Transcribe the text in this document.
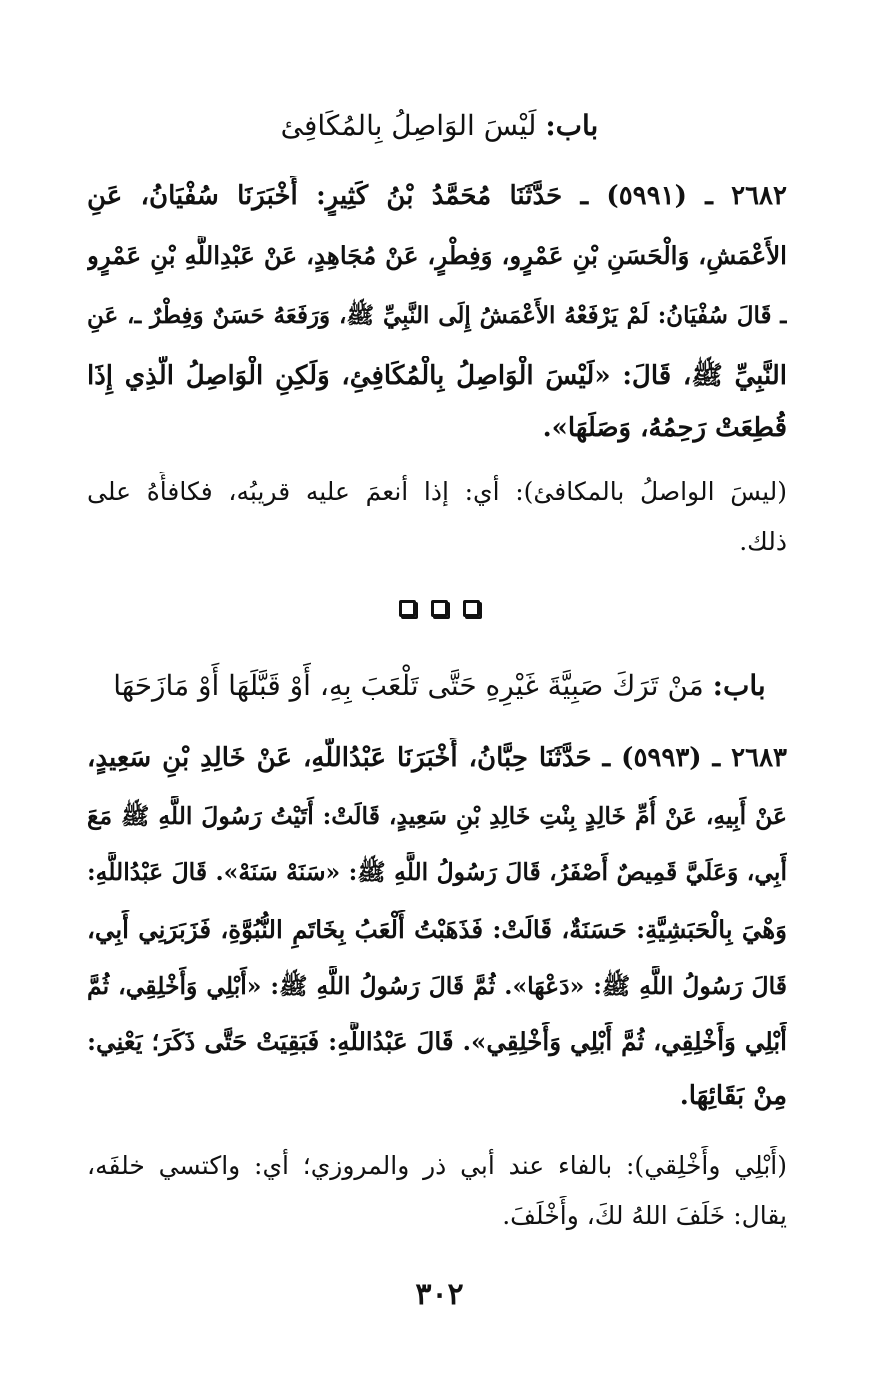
باب: لَيْسَ الوَاصِلُ بِالمُكَافِئ
٢٦٨٢ ـ (٥٩٩١) ـ حَدَّثَنَا مُحَمَّدُ بْنُ كَثِيرٍ: أَخْبَرَنَا سُفْيَانُ، عَنِ
الأَعْمَشِ، وَالْحَسَنِ بْنِ عَمْرٍو، وَفِطْرٍ، عَنْ مُجَاهِدٍ، عَنْ عَبْدِاللَّهِ بْنِ عَمْرٍو
ـ قَالَ سُفْيَانُ: لَمْ يَرْفَعْهُ الأَعْمَشُ إِلَى النَّبِيِّ ﷺ، وَرَفَعَهُ حَسَنٌ وَفِطْرٌ ـ، عَنِ
النَّبِيِّ ﷺ، قَالَ: «لَيْسَ الْوَاصِلُ بِالْمُكَافِئِ، وَلَكِنِ الْوَاصِلُ الَّذِي إِذَا
قُطِعَتْ رَحِمُهُ، وَصَلَهَا».
(ليسَ الواصلُ بالمكافئ): أي: إذا أنعمَ عليه قريبُه، فكافأَهُ على
ذلك.

باب: مَنْ تَرَكَ صَبِيَّةَ غَيْرِهِ حَتَّى تَلْعَبَ بِهِ، أَوْ قَبَّلَهَا أَوْ مَازَحَهَا
٢٦٨٣ ـ (٥٩٩٣) ـ حَدَّثَنَا حِبَّانُ، أَخْبَرَنَا عَبْدُاللَّهِ، عَنْ خَالِدِ بْنِ سَعِيدٍ،
عَنْ أَبِيهِ، عَنْ أُمِّ خَالِدٍ بِنْتِ خَالِدِ بْنِ سَعِيدٍ، قَالَتْ: أَتَيْتُ رَسُولَ اللَّهِ ﷺ مَعَ
أَبِي، وَعَلَيَّ قَمِيصٌ أَصْفَرُ، قَالَ رَسُولُ اللَّهِ ﷺ: «سَنَهْ سَنَهْ». قَالَ عَبْدُاللَّهِ:
وَهْيَ بِالْحَبَشِيَّةِ: حَسَنَةٌ، قَالَتْ: فَذَهَبْتُ أَلْعَبُ بِخَاتَمِ النُّبُوَّةِ، فَزَبَرَنِي أَبِي،
قَالَ رَسُولُ اللَّهِ ﷺ: «دَعْهَا». ثُمَّ قَالَ رَسُولُ اللَّهِ ﷺ: «أَبْلِي وَأَخْلِقِي، ثُمَّ
أَبْلِي وَأَخْلِقِي، ثُمَّ أَبْلِي وَأَخْلِقِي». قَالَ عَبْدُاللَّهِ: فَبَقِيَتْ حَتَّى ذَكَرَ؛ يَعْنِي:
مِنْ بَقَائِهَا.
(أَبْلِي وأَخْلِقي): بالفاء عند أبي ذر والمروزي؛ أي: واكتسي خلفَه،
يقال: خَلَفَ اللهُ لكَ، وأَخْلَفَ.
٣٠٢
